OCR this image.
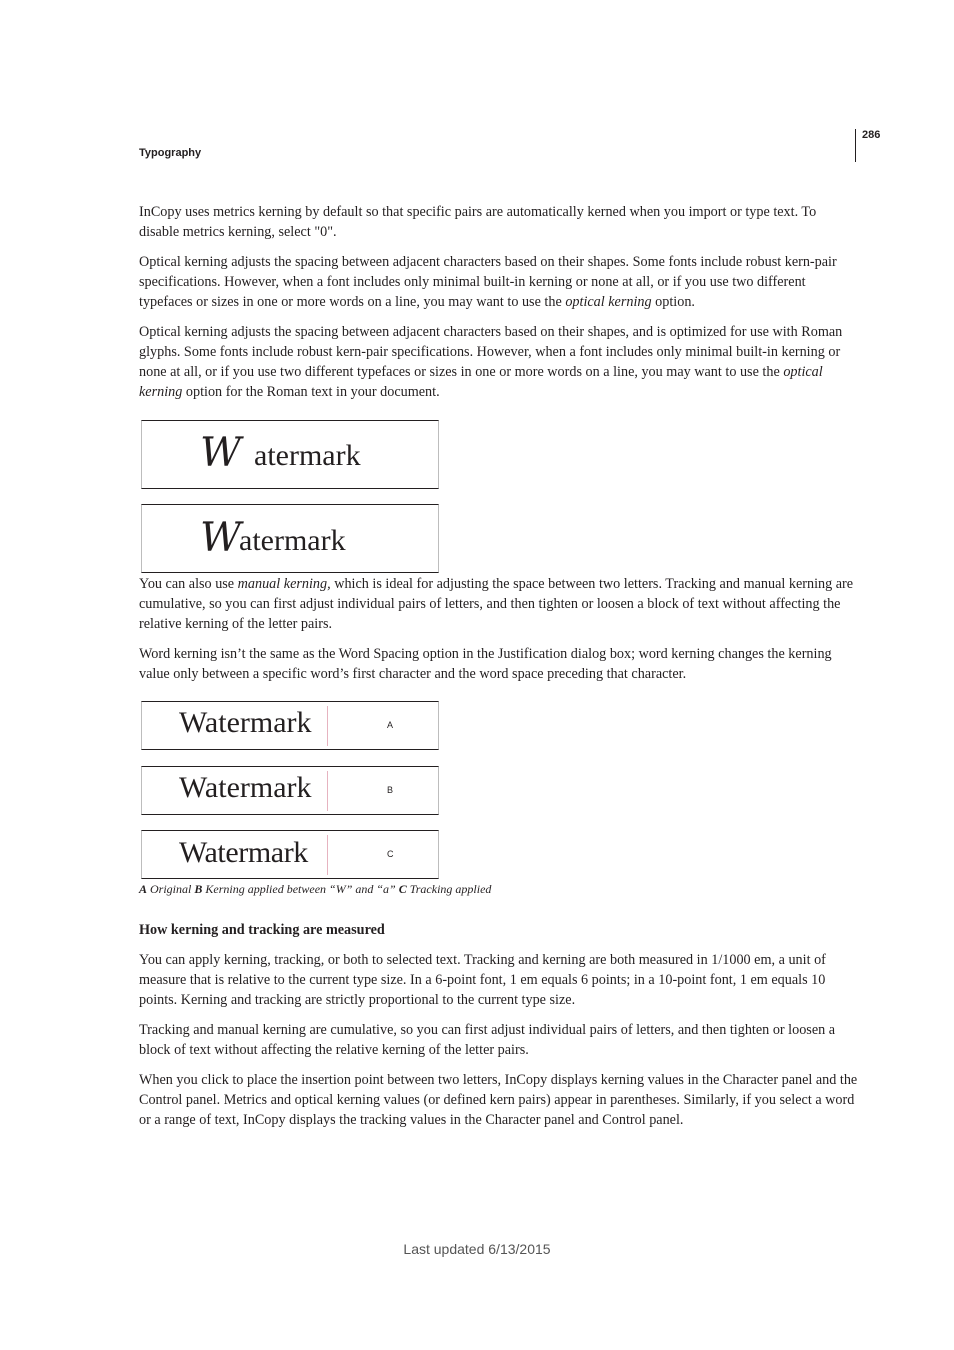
Typography
286
InCopy uses metrics kerning by default so that specific pairs are automatically kerned when you import or type text. To disable metrics kerning, select "0".
Optical kerning adjusts the spacing between adjacent characters based on their shapes. Some fonts include robust kern-pair specifications. However, when a font includes only minimal built-in kerning or none at all, or if you use two different typefaces or sizes in one or more words on a line, you may want to use the optical kerning option.
Optical kerning adjusts the spacing between adjacent characters based on their shapes, and is optimized for use with Roman glyphs. Some fonts include robust kern-pair specifications. However, when a font includes only minimal built-in kerning or none at all, or if you use two different typefaces or sizes in one or more words on a line, you may want to use the optical kerning option for the Roman text in your document.
W atermark
W
atermark
You can also use manual kerning, which is ideal for adjusting the space between two letters. Tracking and manual kerning are cumulative, so you can first adjust individual pairs of letters, and then tighten or loosen a block of text without affecting the relative kerning of the letter pairs.
Word kerning isn’t the same as the Word Spacing option in the Justification dialog box; word kerning changes the kerning value only between a specific word’s first character and the word space preceding that character.
Watermark	A
Watermark	B
Watermark	C
A Original B Kerning applied between “W” and “a” C Tracking applied
How kerning and tracking are measured
You can apply kerning, tracking, or both to selected text. Tracking and kerning are both measured in 1/1000 em, a unit of measure that is relative to the current type size. In a 6-point font, 1 em equals 6 points; in a 10-point font, 1 em equals 10 points. Kerning and tracking are strictly proportional to the current type size.
Tracking and manual kerning are cumulative, so you can first adjust individual pairs of letters, and then tighten or loosen a block of text without affecting the relative kerning of the letter pairs.
When you click to place the insertion point between two letters, InCopy displays kerning values in the Character panel and the Control panel. Metrics and optical kerning values (or defined kern pairs) appear in parentheses. Similarly, if you select a word or a range of text, InCopy displays the tracking values in the Character panel and Control panel.
Last updated 6/13/2015
